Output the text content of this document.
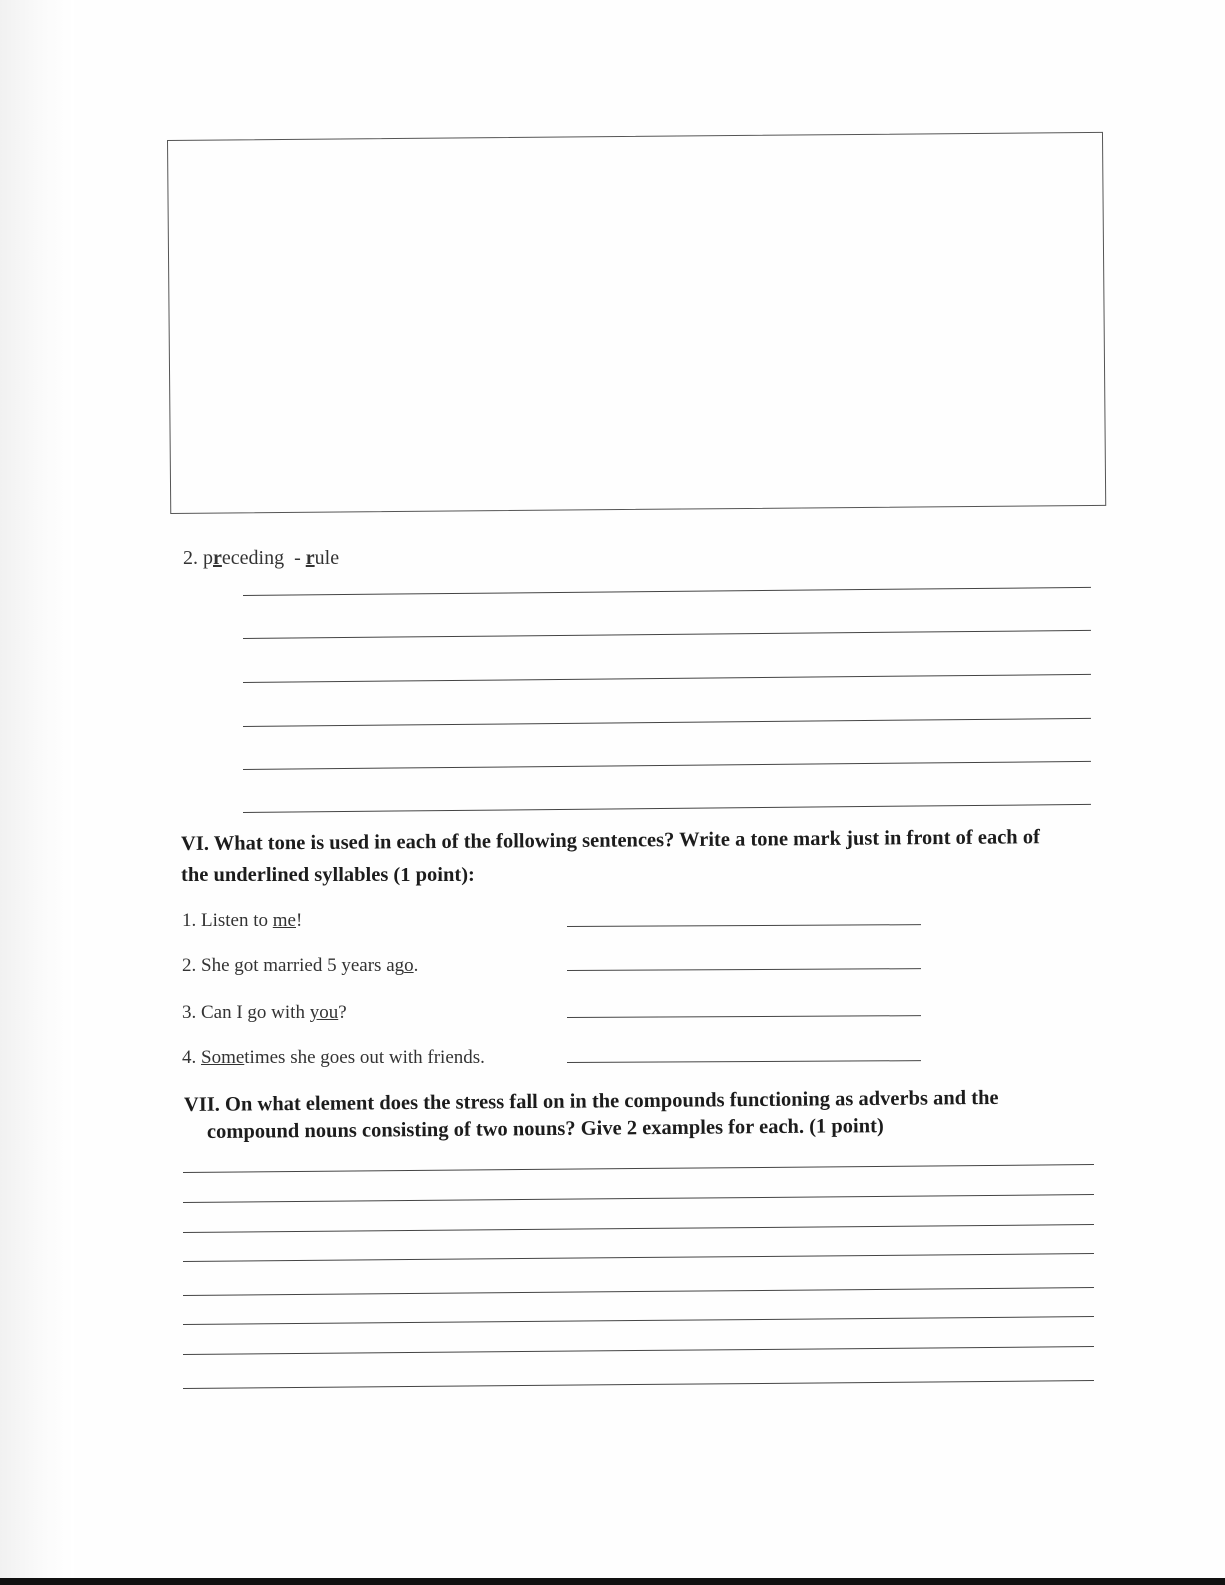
2. preceding - rule
VI. What tone is used in each of the following sentences? Write a tone mark just in front of each of
the underlined syllables (1 point):
1. Listen to me!
2. She got married 5 years ago.
3. Can I go with you?
4. Sometimes she goes out with friends.
VII. On what element does the stress fall on in the compounds functioning as adverbs and the
compound nouns consisting of two nouns? Give 2 examples for each. (1 point)
